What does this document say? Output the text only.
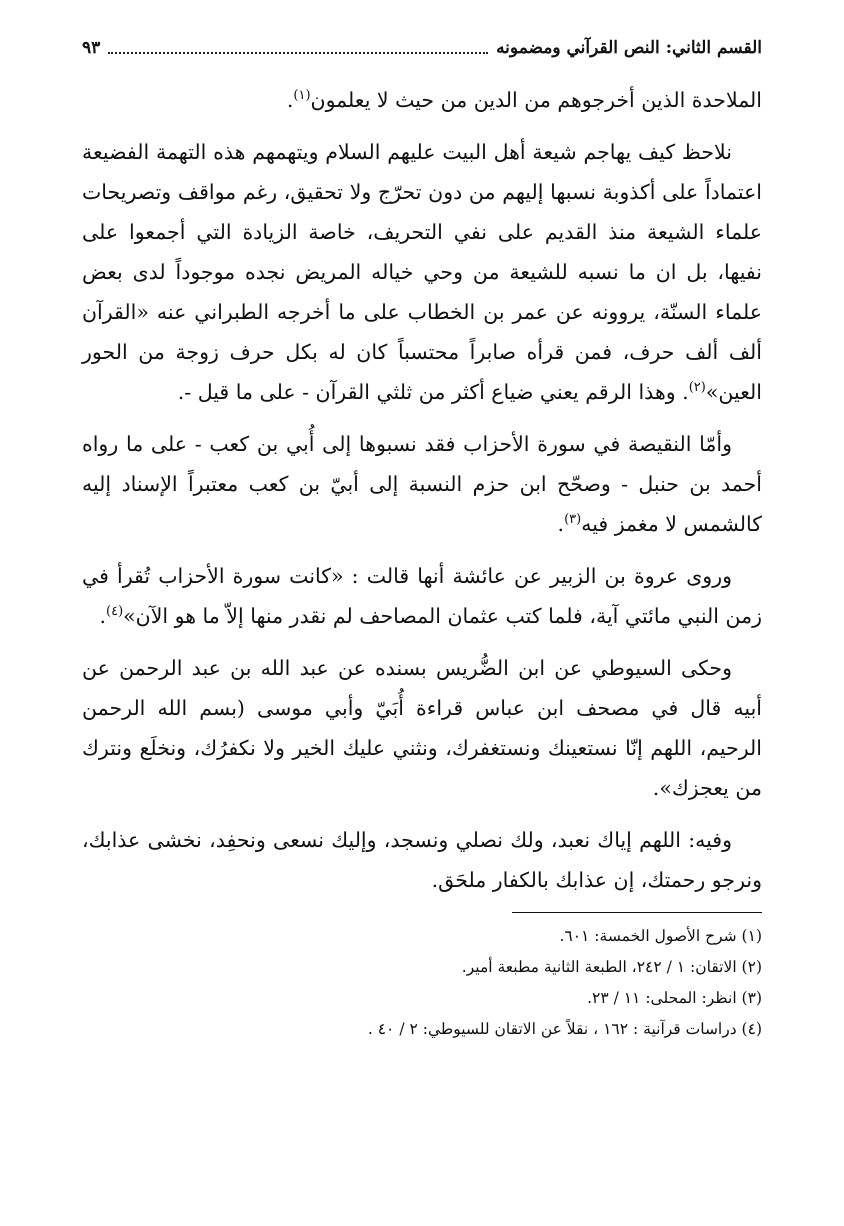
القسم الثاني: النص القرآني ومضمونه
٩٣

الملاحدة الذين أخرجوهم من الدين من حيث لا يعلمون$^{(١)}$.

نلاحظ كيف يهاجم شيعة أهل البيت عليهم السلام ويتهمهم هذه التهمة الفضيعة اعتماداً على أكذوبة نسبها إليهم من دون تحرّج ولا تحقيق، رغم مواقف وتصريحات علماء الشيعة منذ القديم على نفي التحريف، خاصة الزيادة التي أجمعوا على نفيها، بل ان ما نسبه للشيعة من وحي خياله المريض نجده موجوداً لدى بعض علماء السنّة، يروونه عن عمر بن الخطاب على ما أخرجه الطبراني عنه «القرآن ألف ألف حرف، فمن قرأه صابراً محتسباً كان له بكل حرف زوجة من الحور العين»$^{(٢)}$. وهذا الرقم يعني ضياع أكثر من ثلثي القرآن - على ما قيل -.

وأمّا النقيصة في سورة الأحزاب فقد نسبوها إلى أُبي بن كعب - على ما رواه أحمد بن حنبل - وصحّح ابن حزم النسبة إلى أبيّ بن كعب معتبراً الإسناد إليه كالشمس لا مغمز فيه$^{(٣)}$.

وروى عروة بن الزبير عن عائشة أنها قالت : «كانت سورة الأحزاب تُقرأ في زمن النبي مائتي آية، فلما كتب عثمان المصاحف لم نقدر منها إلاّ ما هو الآن»$^{(٤)}$.

وحكى السيوطي عن ابن الضُّريس بسنده عن عبد الله بن عبد الرحمن عن أبيه قال في مصحف ابن عباس قراءة أُبَيّ وأبي موسى (بسم الله الرحمن الرحيم، اللهم إنّا نستعينك ونستغفرك، ونثني عليك الخير ولا نكفرُك، ونخلَع ونترك من يعجزك».

وفيه: اللهم إياك نعبد، ولك نصلي ونسجد، وإليك نسعى ونحفِد، نخشى عذابك، ونرجو رحمتك، إن عذابك بالكفار ملحَق.

(١) شرح الأصول الخمسة: ٦٠١.
(٢) الاتقان: ١ / ٢٤٢، الطبعة الثانية مطبعة أمير.
(٣) انظر: المحلى: ١١ / ٢٣.
(٤) دراسات قرآنية : ١٦٢ ، نقلاً عن الاتقان للسيوطي: ٢ / ٤٠ .
